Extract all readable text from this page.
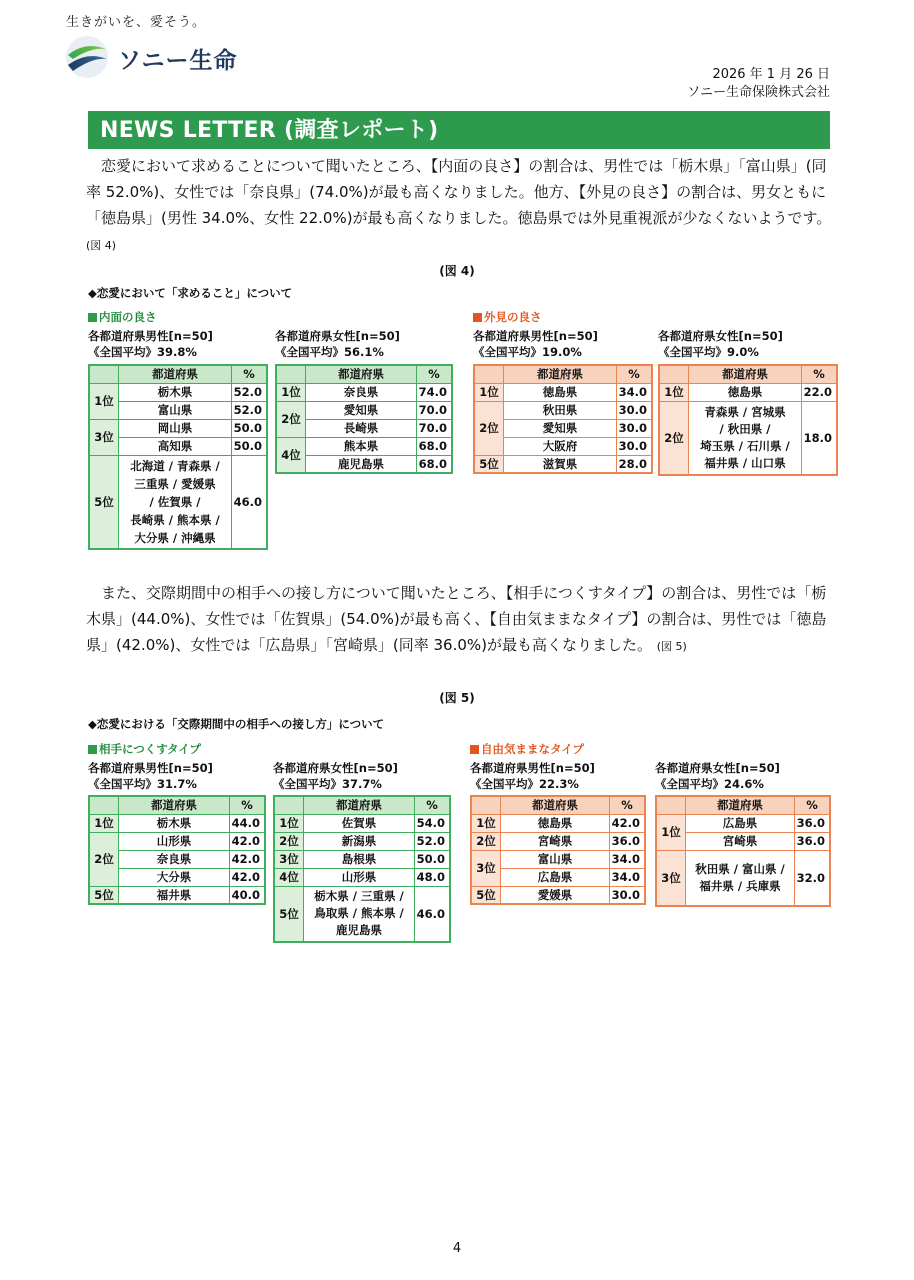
生きがいを、愛そう。
ソニー生命
2026 年 1 月 26 日
ソニー生命保険株式会社
NEWS LETTER (調査レポート)
恋愛において求めることについて聞いたところ、【内面の良さ】の割合は、男性では「栃木県」「富山県」(同率 52.0%)、女性では「奈良県」(74.0%)が最も高くなりました。他方、【外見の良さ】の割合は、男女ともに「徳島県」(男性 34.0%、女性 22.0%)が最も高くなりました。徳島県では外見重視派が少なくないようです。 (図 4)
(図 4)
◆恋愛において「求めること」について
内面の良さ	外見の良さ
各都道府県男性[n=50]
《全国平均》39.8%
各都道府県女性[n=50]
《全国平均》56.1%
各都道府県男性[n=50]
《全国平均》19.0%
各都道府県女性[n=50]
《全国平均》9.0%
	都道府県	%
1位	栃木県	52.0
	富山県	52.0
3位	岡山県	50.0
	高知県	50.0
5位	北海道 / 青森県 /
三重県 / 愛媛県
/ 佐賀県 /
長崎県 / 熊本県 /
大分県 / 沖縄県	46.0
	都道府県	%
1位	奈良県	74.0
2位	愛知県	70.0
	長崎県	70.0
4位	熊本県	68.0
	鹿児島県	68.0
	都道府県	%
1位	徳島県	34.0
2位	秋田県	30.0
	愛知県	30.0
	大阪府	30.0
5位	滋賀県	28.0
	都道府県	%
1位	徳島県	22.0
2位	青森県 / 宮城県
/ 秋田県 /
埼玉県 / 石川県 /
福井県 / 山口県	18.0
また、交際期間中の相手への接し方について聞いたところ、【相手につくすタイプ】の割合は、男性では「栃木県」(44.0%)、女性では「佐賀県」(54.0%)が最も高く、【自由気ままなタイプ】の割合は、男性では「徳島県」(42.0%)、女性では「広島県」「宮崎県」(同率 36.0%)が最も高くなりました。 (図 5)
(図 5)
◆恋愛における「交際期間中の相手への接し方」について
相手につくすタイプ	自由気ままなタイプ
各都道府県男性[n=50]
《全国平均》31.7%
各都道府県女性[n=50]
《全国平均》37.7%
各都道府県男性[n=50]
《全国平均》22.3%
各都道府県女性[n=50]
《全国平均》24.6%
	都道府県	%
1位	栃木県	44.0
2位	山形県	42.0
	奈良県	42.0
	大分県	42.0
5位	福井県	40.0
	都道府県	%
1位	佐賀県	54.0
2位	新潟県	52.0
3位	島根県	50.0
4位	山形県	48.0
5位	栃木県 / 三重県 /
鳥取県 / 熊本県 /
鹿児島県	46.0
	都道府県	%
1位	徳島県	42.0
2位	宮崎県	36.0
3位	富山県	34.0
	広島県	34.0
5位	愛媛県	30.0
	都道府県	%
1位	広島県	36.0
	宮崎県	36.0
3位	秋田県 / 富山県 /
福井県 / 兵庫県	32.0
4
